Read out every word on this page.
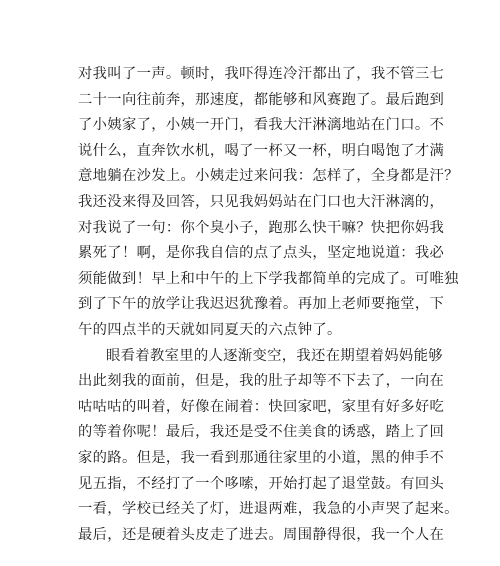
对我叫了一声。顿时，我吓得连冷汗都出了，我不管三七
二十一向往前奔，那速度，都能够和风赛跑了。最后跑到
了小姨家了，小姨一开门，看我大汗淋漓地站在门口。不
说什么，直奔饮水机，喝了一杯又一杯，明白喝饱了才满
意地躺在沙发上。小姨走过来问我：怎样了，全身都是汗？
我还没来得及回答，只见我妈妈站在门口也大汗淋漓的，
对我说了一句：你个臭小子，跑那么快干嘛？快把你妈我
累死了！啊，是你我自信的点了点头，坚定地说道：我必
须能做到！早上和中午的上下学我都简单的完成了。可唯独
到了下午的放学让我迟迟犹豫着。再加上老师要拖堂，下
午的四点半的天就如同夏天的六点钟了。
眼看着教室里的人逐渐变空，我还在期望着妈妈能够
出此刻我的面前，但是，我的肚子却等不下去了，一向在
咕咕咕的叫着，好像在闹着：快回家吧，家里有好多好吃
的等着你呢！最后，我还是受不住美食的诱惑，踏上了回
家的路。但是，我一看到那通往家里的小道，黑的伸手不
见五指，不经打了一个哆嗦，开始打起了退堂鼓。有回头
一看，学校已经关了灯，进退两难，我急的小声哭了起来。
最后，还是硬着头皮走了进去。周围静得很，我一个人在
